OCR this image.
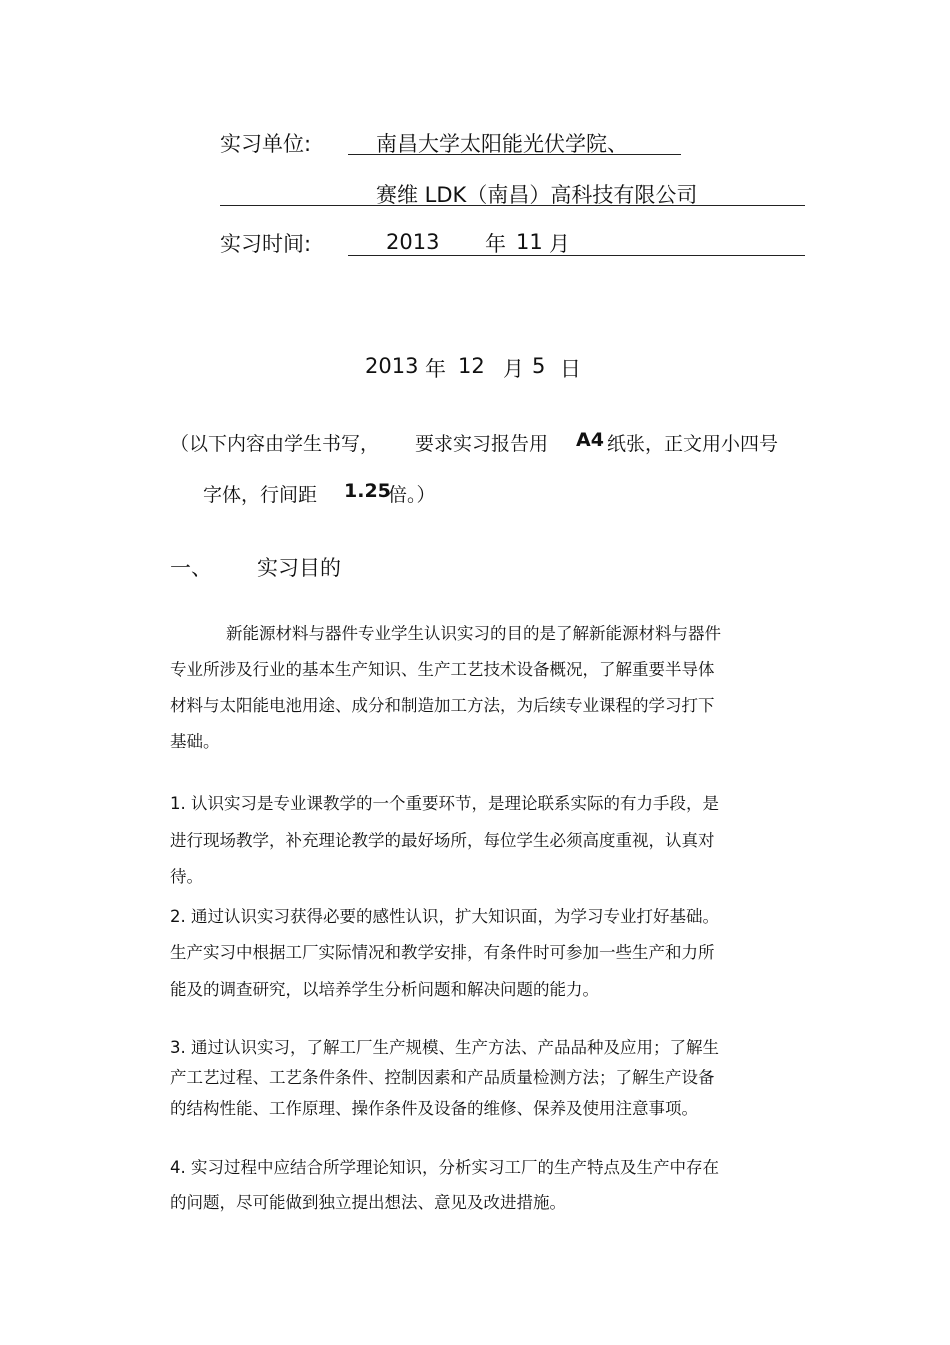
实习单位:	南昌大学太阳能光伏学院、
赛维 LDK（南昌）高科技有限公司
实习时间:	2013 年 11 月
2013 年 12 月 5 日
（以下内容由学生书写， 要求实习报告用 A4 纸张，正文用小四号
字体，行间距 1.25
倍。）
一、 实习目的
新能源材料与器件专业学生认识实习的目的是了解新能源材料与器件
专业所涉及行业的基本生产知识、生产工艺技术设备概况，了解重要半导体
材料与太阳能电池用途、成分和制造加工方法，为后续专业课程的学习打下
基础。
1. 认识实习是专业课教学的一个重要环节，是理论联系实际的有力手段，是
进行现场教学，补充理论教学的最好场所，每位学生必须高度重视，认真对
待。
2. 通过认识实习获得必要的感性认识，扩大知识面，为学习专业打好基础。
生产实习中根据工厂实际情况和教学安排，有条件时可参加一些生产和力所
能及的调查研究，以培养学生分析问题和解决问题的能力。
3. 通过认识实习，了解工厂生产规模、生产方法、产品品种及应用；了解生
产工艺过程、工艺条件条件、控制因素和产品质量检测方法；了解生产设备
的结构性能、工作原理、操作条件及设备的维修、保养及使用注意事项。
4. 实习过程中应结合所学理论知识，分析实习工厂的生产特点及生产中存在
的问题，尽可能做到独立提出想法、意见及改进措施。
